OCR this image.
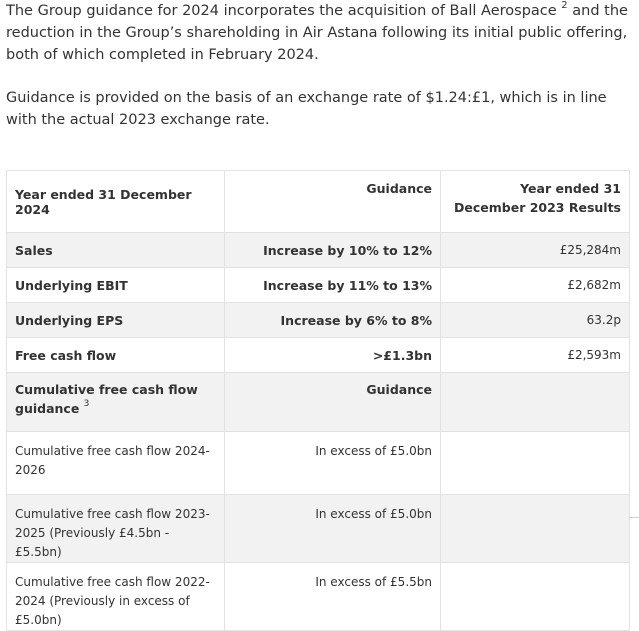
The Group guidance for 2024 incorporates the acquisition of Ball Aerospace $^2$ and the reduction in the Group’s shareholding in Air Astana following its initial public offering, both of which completed in February 2024.

Guidance is provided on the basis of an exchange rate of $1.24:£1, which is in line with the actual 2023 exchange rate.

Year ended 31 December 2024	Guidance	Year ended 31 December 2023 Results
Sales	Increase by 10% to 12%	£25,284m
Underlying EBIT	Increase by 11% to 13%	£2,682m
Underlying EPS	Increase by 6% to 8%	63.2p
Free cash flow	>£1.3bn	£2,593m
Cumulative free cash flow guidance $^3$	Guidance	
Cumulative free cash flow 2024-2026	In excess of £5.0bn	
Cumulative free cash flow 2023-2025 (Previously £4.5bn - £5.5bn)	In excess of £5.0bn	
Cumulative free cash flow 2022-2024 (Previously in excess of £5.0bn)	In excess of £5.5bn	
